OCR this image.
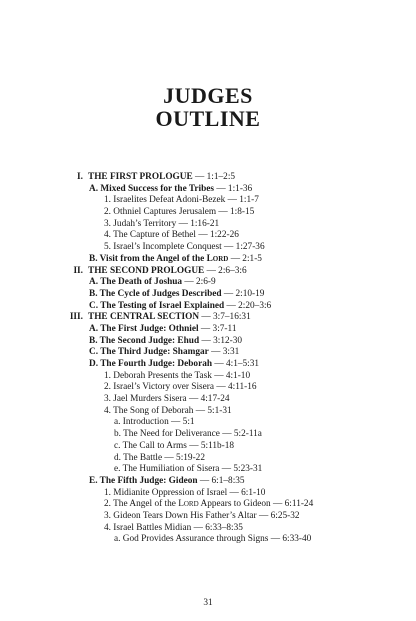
JUDGES
OUTLINE
I. THE FIRST PROLOGUE — 1:1–2:5
A. Mixed Success for the Tribes — 1:1-36
1. Israelites Defeat Adoni-Bezek — 1:1-7
2. Othniel Captures Jerusalem — 1:8-15
3. Judah’s Territory — 1:16-21
4. The Capture of Bethel — 1:22-26
5. Israel’s Incomplete Conquest — 1:27-36
B. Visit from the Angel of the Lord — 2:1-5
II. THE SECOND PROLOGUE — 2:6–3:6
A. The Death of Joshua — 2:6-9
B. The Cycle of Judges Described — 2:10-19
C. The Testing of Israel Explained — 2:20–3:6
III. THE CENTRAL SECTION — 3:7–16:31
A. The First Judge: Othniel — 3:7-11
B. The Second Judge: Ehud — 3:12-30
C. The Third Judge: Shamgar — 3:31
D. The Fourth Judge: Deborah — 4:1–5:31
1. Deborah Presents the Task — 4:1-10
2. Israel’s Victory over Sisera — 4:11-16
3. Jael Murders Sisera — 4:17-24
4. The Song of Deborah — 5:1-31
a. Introduction — 5:1
b. The Need for Deliverance — 5:2-11a
c. The Call to Arms — 5:11b-18
d. The Battle — 5:19-22
e. The Humiliation of Sisera — 5:23-31
E. The Fifth Judge: Gideon — 6:1–8:35
1. Midianite Oppression of Israel — 6:1-10
2. The Angel of the Lord Appears to Gideon — 6:11-24
3. Gideon Tears Down His Father’s Altar — 6:25-32
4. Israel Battles Midian — 6:33–8:35
a. God Provides Assurance through Signs — 6:33-40
31
